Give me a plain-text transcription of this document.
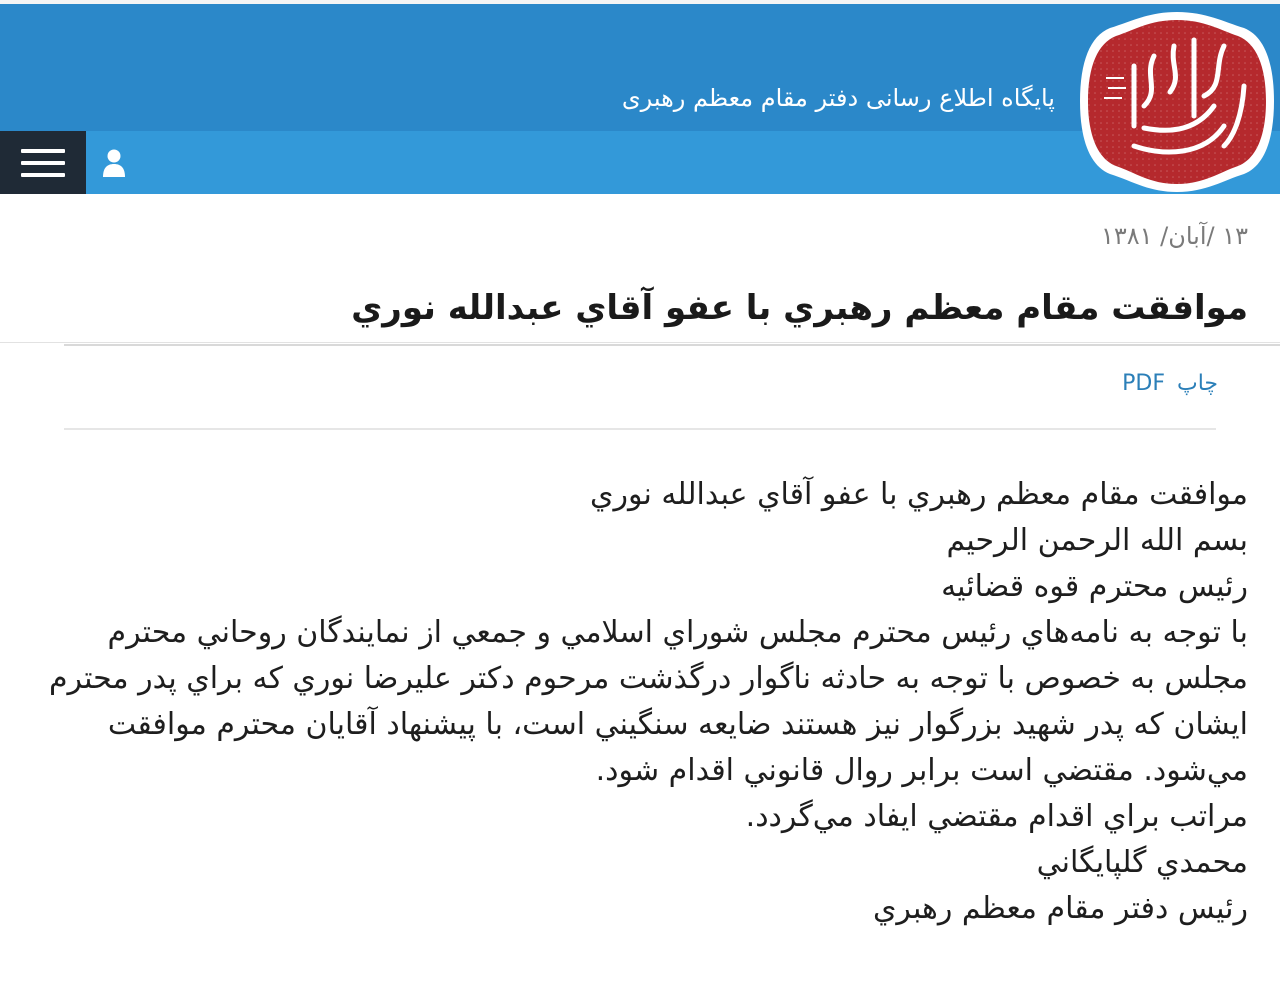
پایگاه اطلاع رسانی دفتر مقام معظم رهبری
۱۳ /آبان/ ۱۳۸۱
موافقت مقام معظم رهبري با عفو آقاي عبدالله نوري
چاپ
PDF

موافقت مقام معظم رهبري با عفو آقاي عبدالله نوري

بسم الله الرحمن الرحيم

رئيس محترم قوه قضائيه

با توجه به نامه‌هاي رئيس محترم مجلس شوراي اسلامي و جمعي از نمايندگان روحاني محترم مجلس به خصوص با توجه به حادثه ناگوار درگذشت مرحوم دكتر عليرضا نوري كه براي پدر محترم ايشان كه پدر شهيد بزرگوار نيز هستند ضايعه سنگيني است، با پيشنهاد آقايان محترم موافقت مي‌شود. مقتضي است برابر روال قانوني اقدام شود.

مراتب براي اقدام مقتضي ايفاد مي‌گردد.

محمدي گلپايگاني

رئيس دفتر مقام معظم رهبري
